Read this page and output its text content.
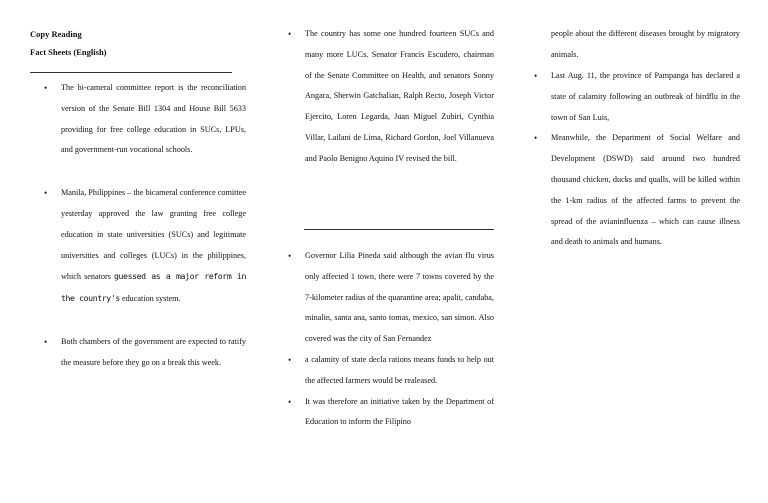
Copy Reading
Fact Sheets (English)
• The bi-cameral committee report is the reconciliation version of the Senate Bill 1304 and House Bill 5633 providing for free college education in SUCs, LPUs, and government-run vocational schools.
• Manila, Philippines – the bicameral conference comittee yesterday approved the law granting free college education in state universities (SUCs) and legitimate universities and colleges (LUCs) in the philippines, which senators guessed as a major reform in the country's education system.
• Both chambers of the government are expected to ratify the measure before they go on a break this week.
• The country has some one hundred fourteen SUCs and many more LUCs. Senator Francis Escudero, chairman of the Senate Committee on Health, and senators Sonny Angara, Sherwin Gatchalian, Ralph Recto, Joseph Victor Ejercito, Loren Legarda, Juan Miguel Zubiri, Cynthia Villar, Lailani de Lima, Richard Gordon, Joel Villanueva and Paolo Benigno Aquino IV revised the bill.
• Governor Lilia Pineda said although the avian flu virus only affected 1 town, there were 7 towns covered by the 7-kilometer radius of the quarantine area; apalit, candaba, minalin, santa ana, santo tomas, mexico, san simon. Also covered was the city of San Fernandez
• a calamity of state decla rations means funds to help out the affected farmers would be realeased.
• It was therefore an initiative taken by the Department of Education to inform the Filipino
people about the different diseases brought by migratory animals.
• Last Aug. 11, the province of Pampanga has declared a state of calamity following an outbreak of birdflu in the town of San Luis,
• Meanwhile, the Department of Social Welfare and Development (DSWD) said around two hundred thousand chicken, ducks and qualls, will be killed within the 1-km radius of the affected farms to prevent the spread of the avianinfluenza – which can cause illness and death to animals and humans.
